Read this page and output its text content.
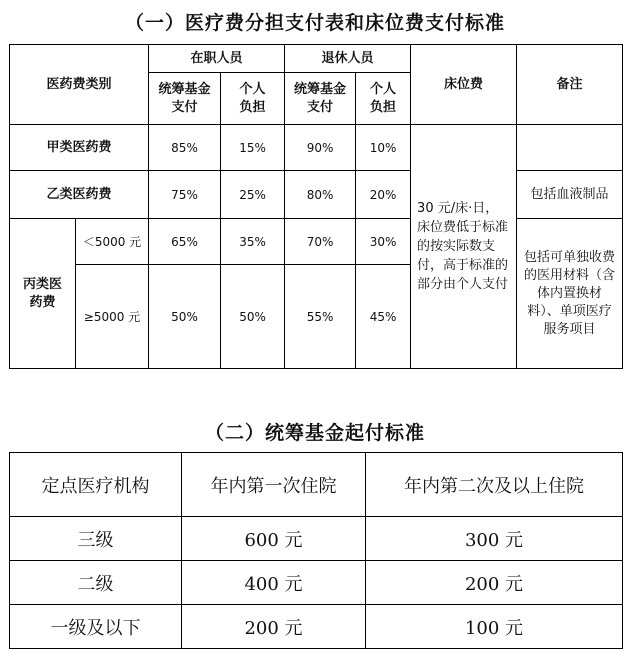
（一）医疗费分担支付表和床位费支付标准
医药费类别		在职人员		退休人员		床位费	备注

		统筹基金支付	个人负担	统筹基金支付	个人负担		

甲类医药费		85%	15%	90%	10%	30 元/床·日，床位费低于标准的按实际数支付，高于标准的部分由个人支付	

乙类医药费		75%	25%	80%	20%		包括血液制品

丙类医药费	＜5000 元	65%	35%	70%	30%		包括可单独收费的医用材料（含体内置换材料）、单项医疗服务项目

	≥5000 元	50%	50%	55%	45%		
（二）统筹基金起付标准
定点医疗机构	年内第一次住院	年内第二次及以上住院
三级	600 元	300 元
二级	400 元	200 元
一级及以下	200 元	100 元
